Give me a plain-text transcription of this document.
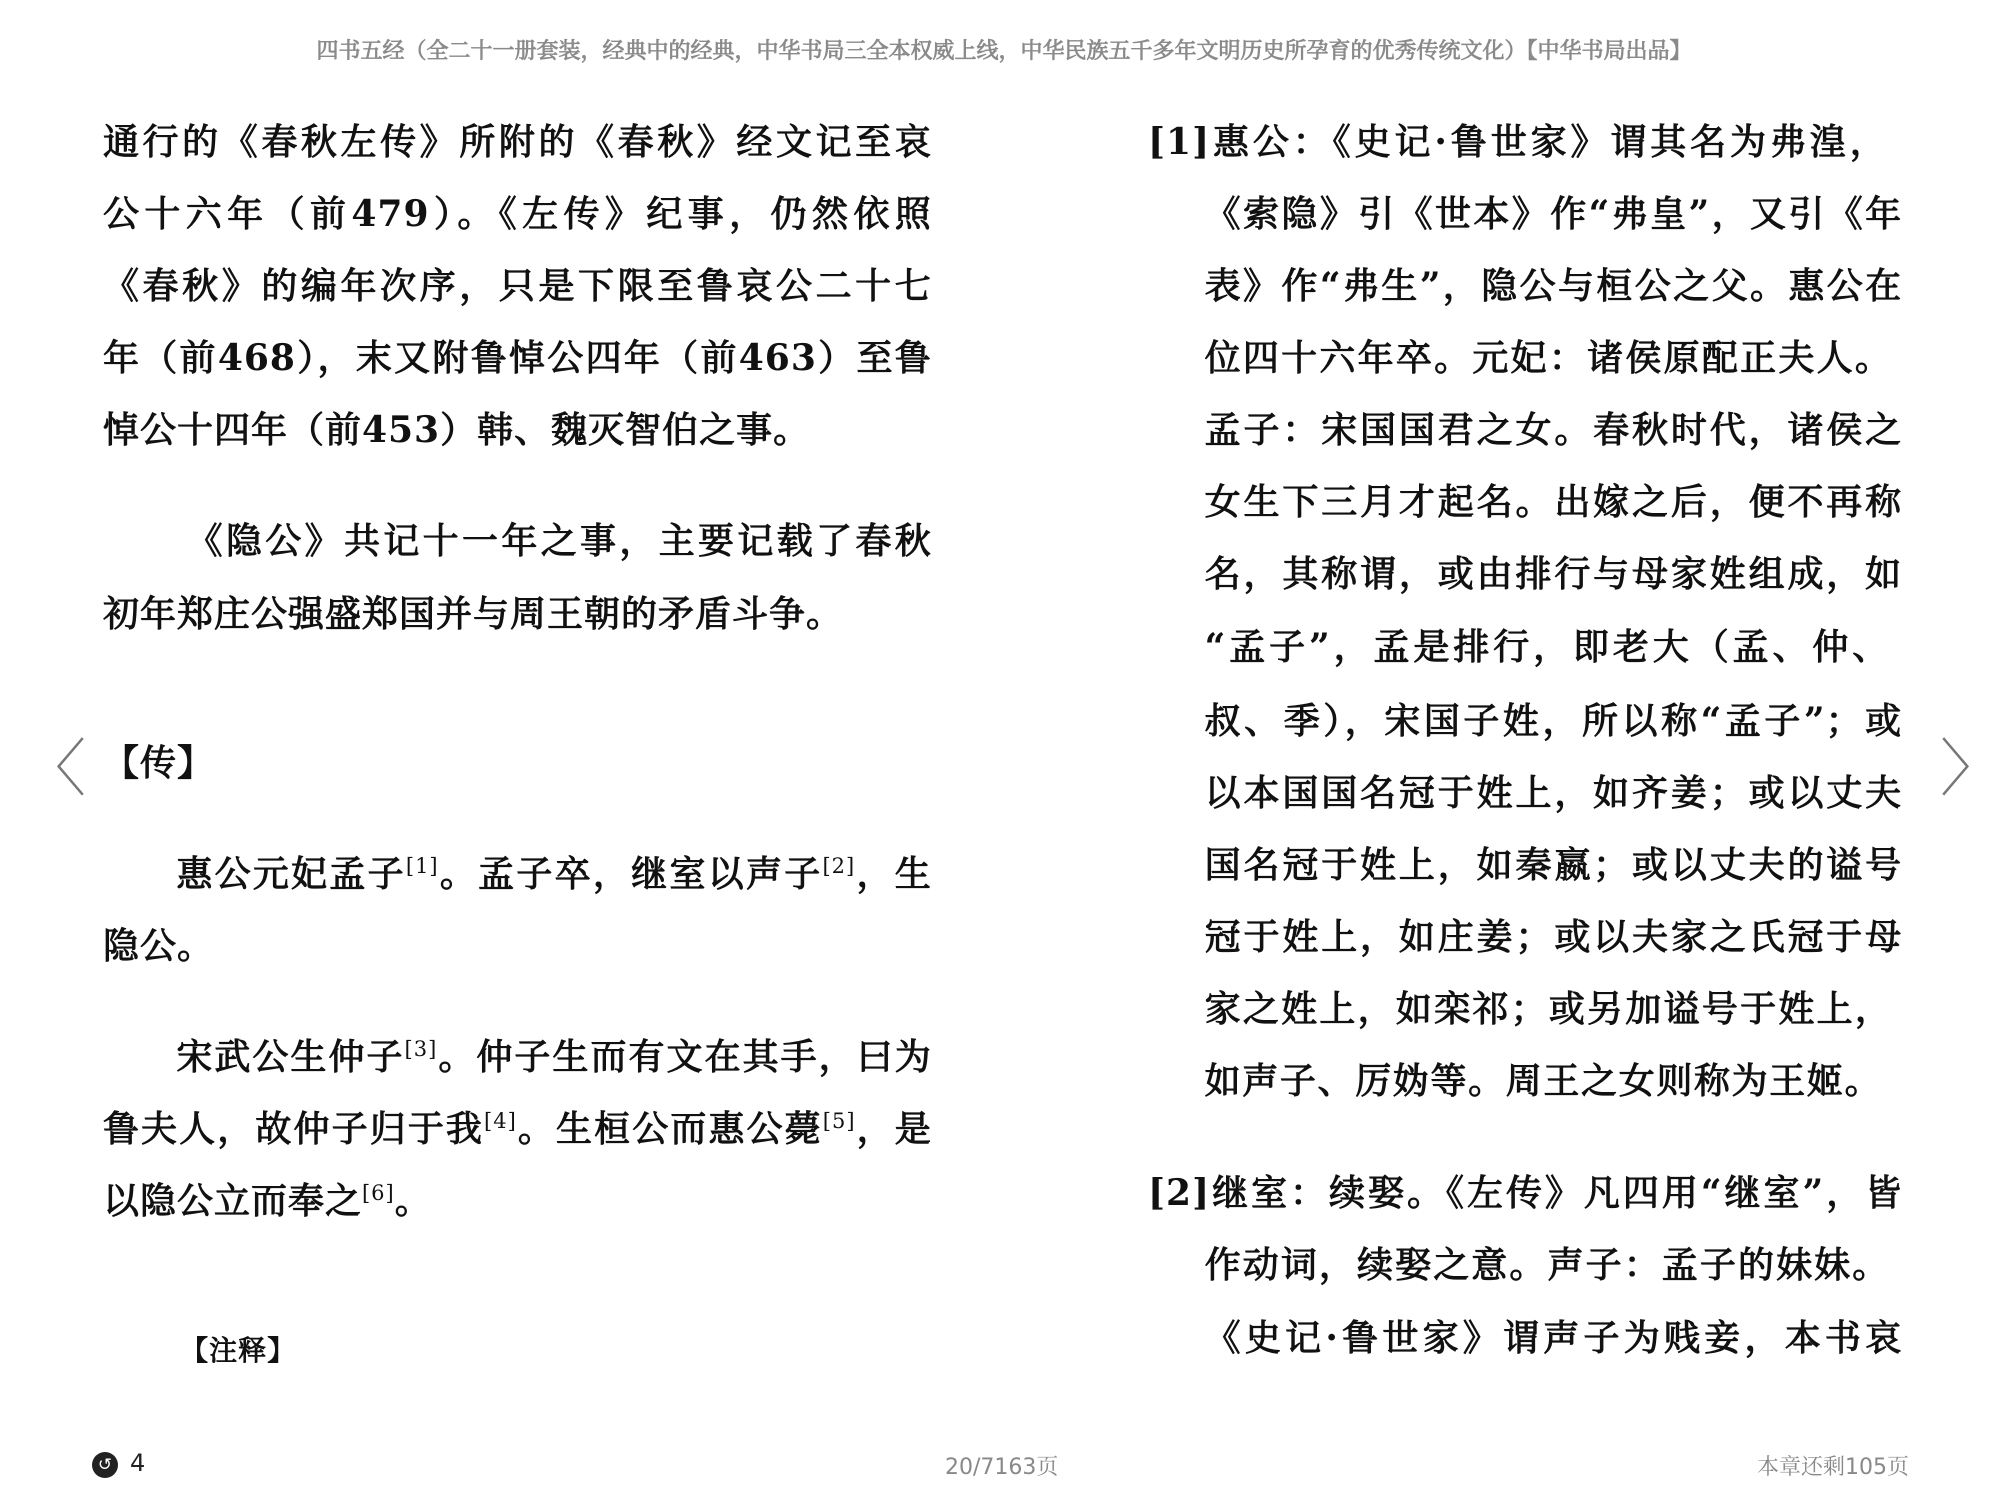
四书五经（全二十一册套装，经典中的经典，中华书局三全本权威上线，中华民族五千多年文明历史所孕育的优秀传统文化）【中华书局出品】
通行的《春秋左传》所附的《春秋》经文记至哀
公十六年（前479）。《左传》纪事，仍然依照
《春秋》的编年次序，只是下限至鲁哀公二十七
年（前468），末又附鲁悼公四年（前463）至鲁
悼公十四年（前453）韩、魏灭智伯之事。
《隐公》共记十一年之事，主要记载了春秋
初年郑庄公强盛郑国并与周王朝的矛盾斗争。
【传】
惠公元妃孟子[1]。孟子卒，继室以声子[2]，生
隐公。
宋武公生仲子[3]。仲子生而有文在其手，曰为
鲁夫人，故仲子归于我[4]。生桓公而惠公薨[5]，是
以隐公立而奉之[6]。
【注释】
[1]惠公：《史记·鲁世家》谓其名为弗湟，
《索隐》引《世本》作“弗皇”，又引《年
表》作“弗生”，隐公与桓公之父。惠公在
位四十六年卒。元妃：诸侯原配正夫人。
孟子：宋国国君之女。春秋时代，诸侯之
女生下三月才起名。出嫁之后，便不再称
名，其称谓，或由排行与母家姓组成，如
“孟子”，孟是排行，即老大（孟、仲、
叔、季），宋国子姓，所以称“孟子”；或
以本国国名冠于姓上，如齐姜；或以丈夫
国名冠于姓上，如秦嬴；或以丈夫的谥号
冠于姓上，如庄姜；或以夫家之氏冠于母
家之姓上，如栾祁；或另加谥号于姓上，
如声子、厉妫等。周王之女则称为王姬。
[2]继室：续娶。《左传》凡四用“继室”，皆
作动词，续娶之意。声子：孟子的妹妹。
《史记·鲁世家》谓声子为贱妾，本书哀
〈	〉
↺ 4	20/7163页	本章还剩105页
